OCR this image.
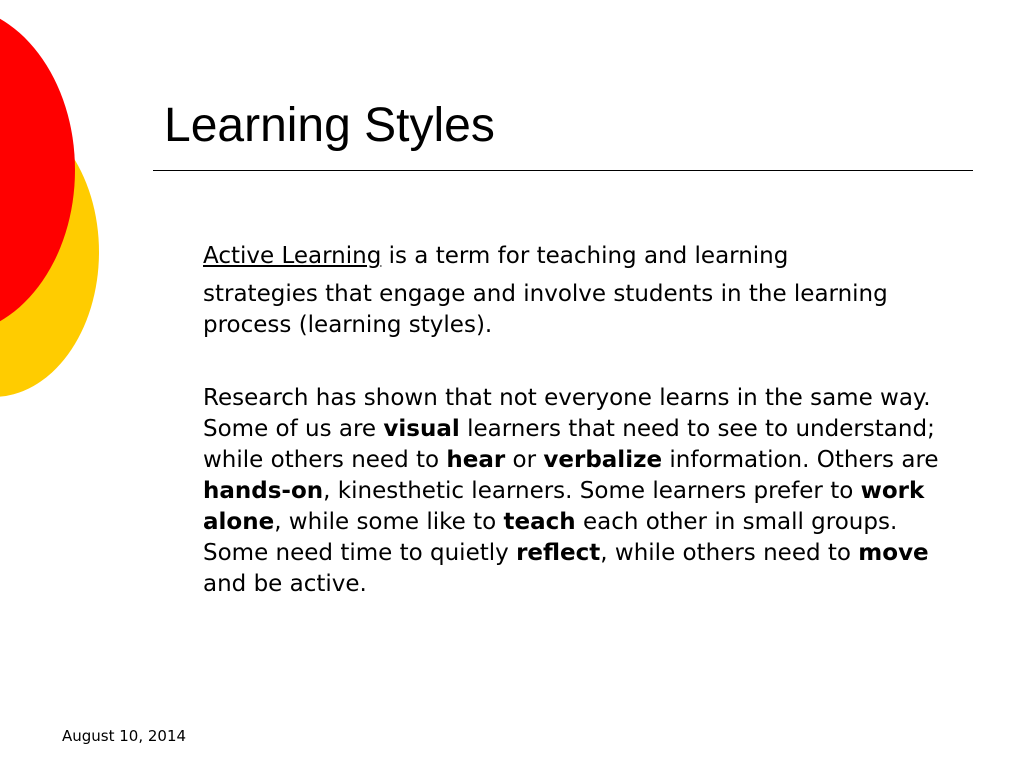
Learning Styles
Active Learning is a term for teaching and learning
strategies that engage and involve students in the learning process (learning styles).
Research has shown that not everyone learns in the same way. Some of us are visual learners that need to see to understand; while others need to hear or verbalize information. Others are hands-on, kinesthetic learners. Some learners prefer to work alone, while some like to teach each other in small groups. Some need time to quietly reflect, while others need to move and be active.
August 10, 2014
